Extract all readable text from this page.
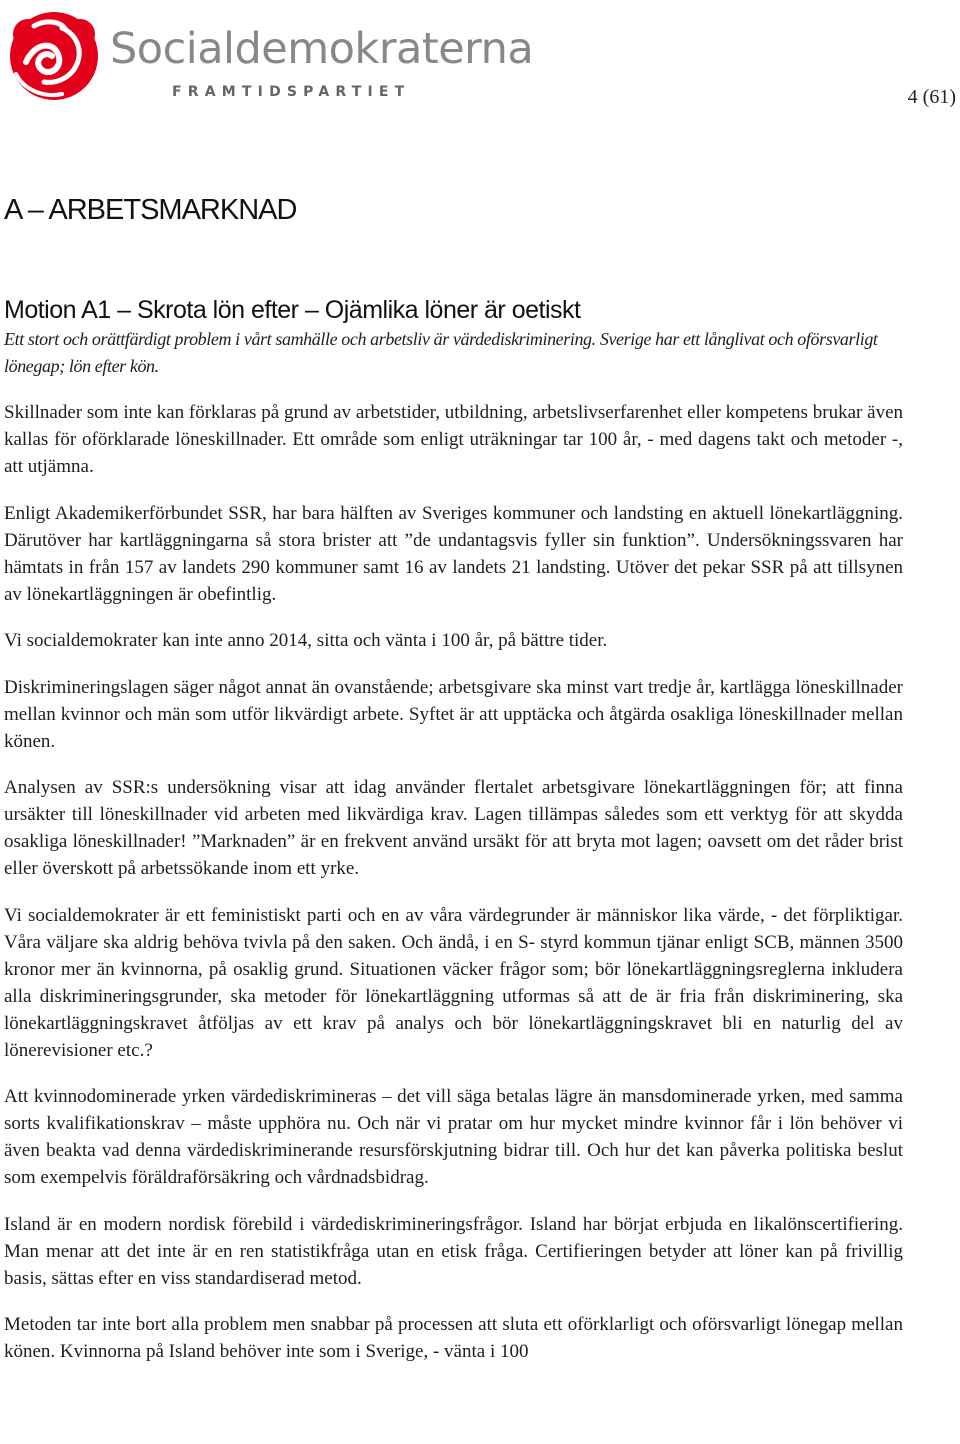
Socialdemokraterna
FRAMTIDSPARTIET	4 (61)
A – ARBETSMARKNAD
Motion A1 – Skrota lön efter – Ojämlika löner är oetiskt

Ett stort och orättfärdigt problem i vårt samhälle och arbetsliv är värdediskriminering. Sverige har ett långlivat och oförsvarligt lönegap; lön efter kön.

Skillnader som inte kan förklaras på grund av arbetstider, utbildning, arbetslivserfarenhet eller kompetens brukar även kallas för oförklarade löneskillnader. Ett område som enligt uträkningar tar 100 år, - med dagens takt och metoder -, att utjämna.

Enligt Akademikerförbundet SSR, har bara hälften av Sveriges kommuner och landsting en aktuell lönekartläggning. Därutöver har kartläggningarna så stora brister att ”de undantagsvis fyller sin funktion”. Undersökningssvaren har hämtats in från 157 av landets 290 kommuner samt 16 av landets 21 landsting. Utöver det pekar SSR på att tillsynen av lönekartläggningen är obefintlig.

Vi socialdemokrater kan inte anno 2014, sitta och vänta i 100 år, på bättre tider.

Diskrimineringslagen säger något annat än ovanstående; arbetsgivare ska minst vart tredje år, kartlägga löneskillnader mellan kvinnor och män som utför likvärdigt arbete. Syftet är att upptäcka och åtgärda osakliga löneskillnader mellan könen.

Analysen av SSR:s undersökning visar att idag använder flertalet arbetsgivare lönekartläggningen för; att finna ursäkter till löneskillnader vid arbeten med likvärdiga krav. Lagen tillämpas således som ett verktyg för att skydda osakliga löneskillnader! ”Marknaden” är en frekvent använd ursäkt för att bryta mot lagen; oavsett om det råder brist eller överskott på arbetssökande inom ett yrke.

Vi socialdemokrater är ett feministiskt parti och en av våra värdegrunder är människor lika värde, - det förpliktigar. Våra väljare ska aldrig behöva tvivla på den saken. Och ändå, i en S- styrd kommun tjänar enligt SCB, männen 3500 kronor mer än kvinnorna, på osaklig grund. Situationen väcker frågor som; bör lönekartläggningsreglerna inkludera alla diskrimineringsgrunder, ska metoder för lönekartläggning utformas så att de är fria från diskriminering, ska lönekartläggningskravet åtföljas av ett krav på analys och bör lönekartläggningskravet bli en naturlig del av lönerevisioner etc.?

Att kvinnodominerade yrken värdediskrimineras – det vill säga betalas lägre än mansdominerade yrken, med samma sorts kvalifikationskrav – måste upphöra nu. Och när vi pratar om hur mycket mindre kvinnor får i lön behöver vi även beakta vad denna värdediskriminerande resursförskjutning bidrar till. Och hur det kan påverka politiska beslut som exempelvis föräldraförsäkring och vårdnadsbidrag.

Island är en modern nordisk förebild i värdediskrimineringsfrågor. Island har börjat erbjuda en likalönscertifiering. Man menar att det inte är en ren statistikfråga utan en etisk fråga. Certifieringen betyder att löner kan på frivillig basis, sättas efter en viss standardiserad metod.

Metoden tar inte bort alla problem men snabbar på processen att sluta ett oförklarligt och oförsvarligt lönegap mellan könen. Kvinnorna på Island behöver inte som i Sverige, - vänta i 100
